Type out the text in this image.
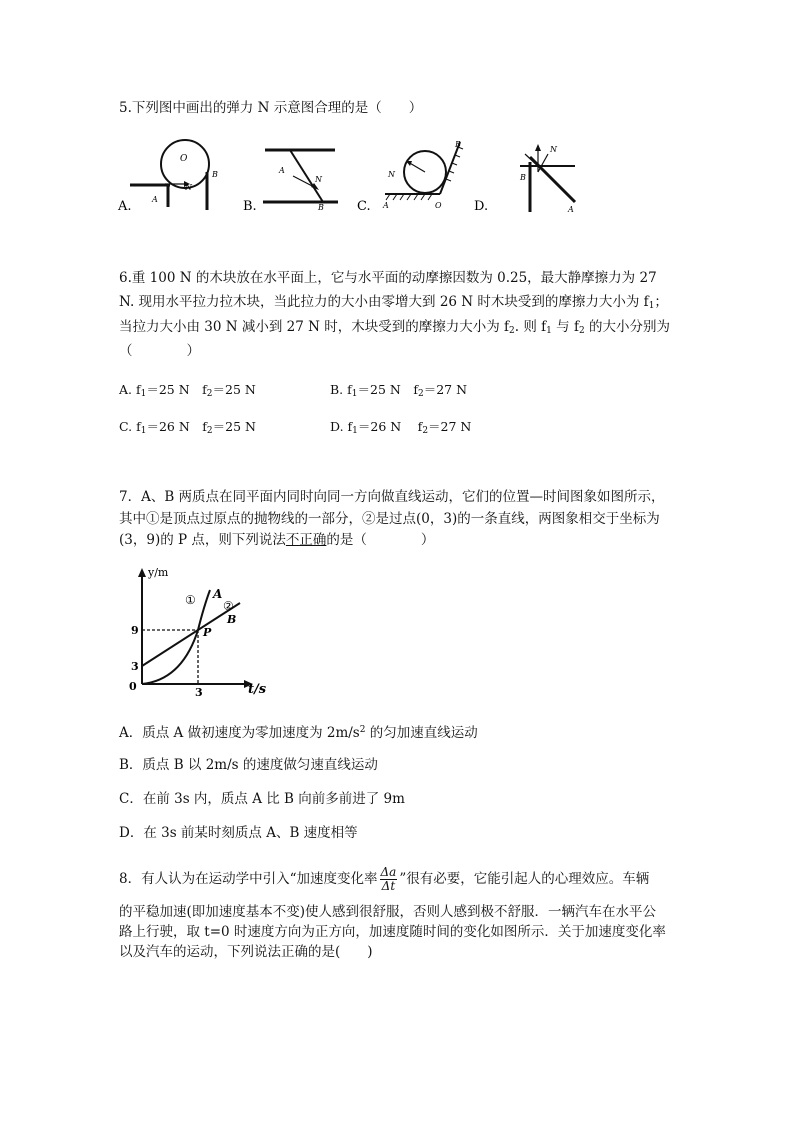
5.下列图中画出的弹力 N 示意图合理的是（　　）
O
N
A
B
A.
A
N
B
B.
N
A	O
B
C.
N
B
A
D.
6.重 100 N 的木块放在水平面上，它与水平面的动摩擦因数为 0.25，最大静摩擦力为 27
N. 现用水平拉力拉木块，当此拉力的大小由零增大到 26 N 时木块受到的摩擦力大小为 $f_1$；
当拉力大小由 30 N 减小到 27 N 时，木块受到的摩擦力大小为 $f_2$. 则 $f_1$ 与 $f_2$ 的大小分别为
（　　　　）
A. $f_1=25$ N　$f_2=25$ N	B. $f_1=25$ N　$f_2=27$ N
C. $f_1=26$ N　$f_2=25$ N	D. $f_1=26$ N　 $f_2=27$ N
7．A、B 两质点在同平面内同时向同一方向做直线运动，它们的位置—时间图象如图所示，
其中①是顶点过原点的抛物线的一部分，②是过点(0，3)的一条直线，两图象相交于坐标为
(3，9)的 P 点，则下列说法不正确的是（　　　　）
y/m
t/s
0
9
3
3
① ②
A
B
P
A．质点 A 做初速度为零加速度为 $2m/s^2$ 的匀加速直线运动
B．质点 B 以 2m/s 的速度做匀速直线运动
C．在前 3s 内，质点 A 比 B 向前多前进了 9m
D．在 3s 前某时刻质点 A、B 速度相等
8．有人认为在运动学中引入“加速度变化率 $\frac{\Delta a}{\Delta t}$ ”很有必要，它能引起人的心理效应。车辆
的平稳加速(即加速度基本不变)使人感到很舒服，否则人感到极不舒服．一辆汽车在水平公
路上行驶，取 t=0 时速度方向为正方向，加速度随时间的变化如图所示．关于加速度变化率
以及汽车的运动，下列说法正确的是(　　)
